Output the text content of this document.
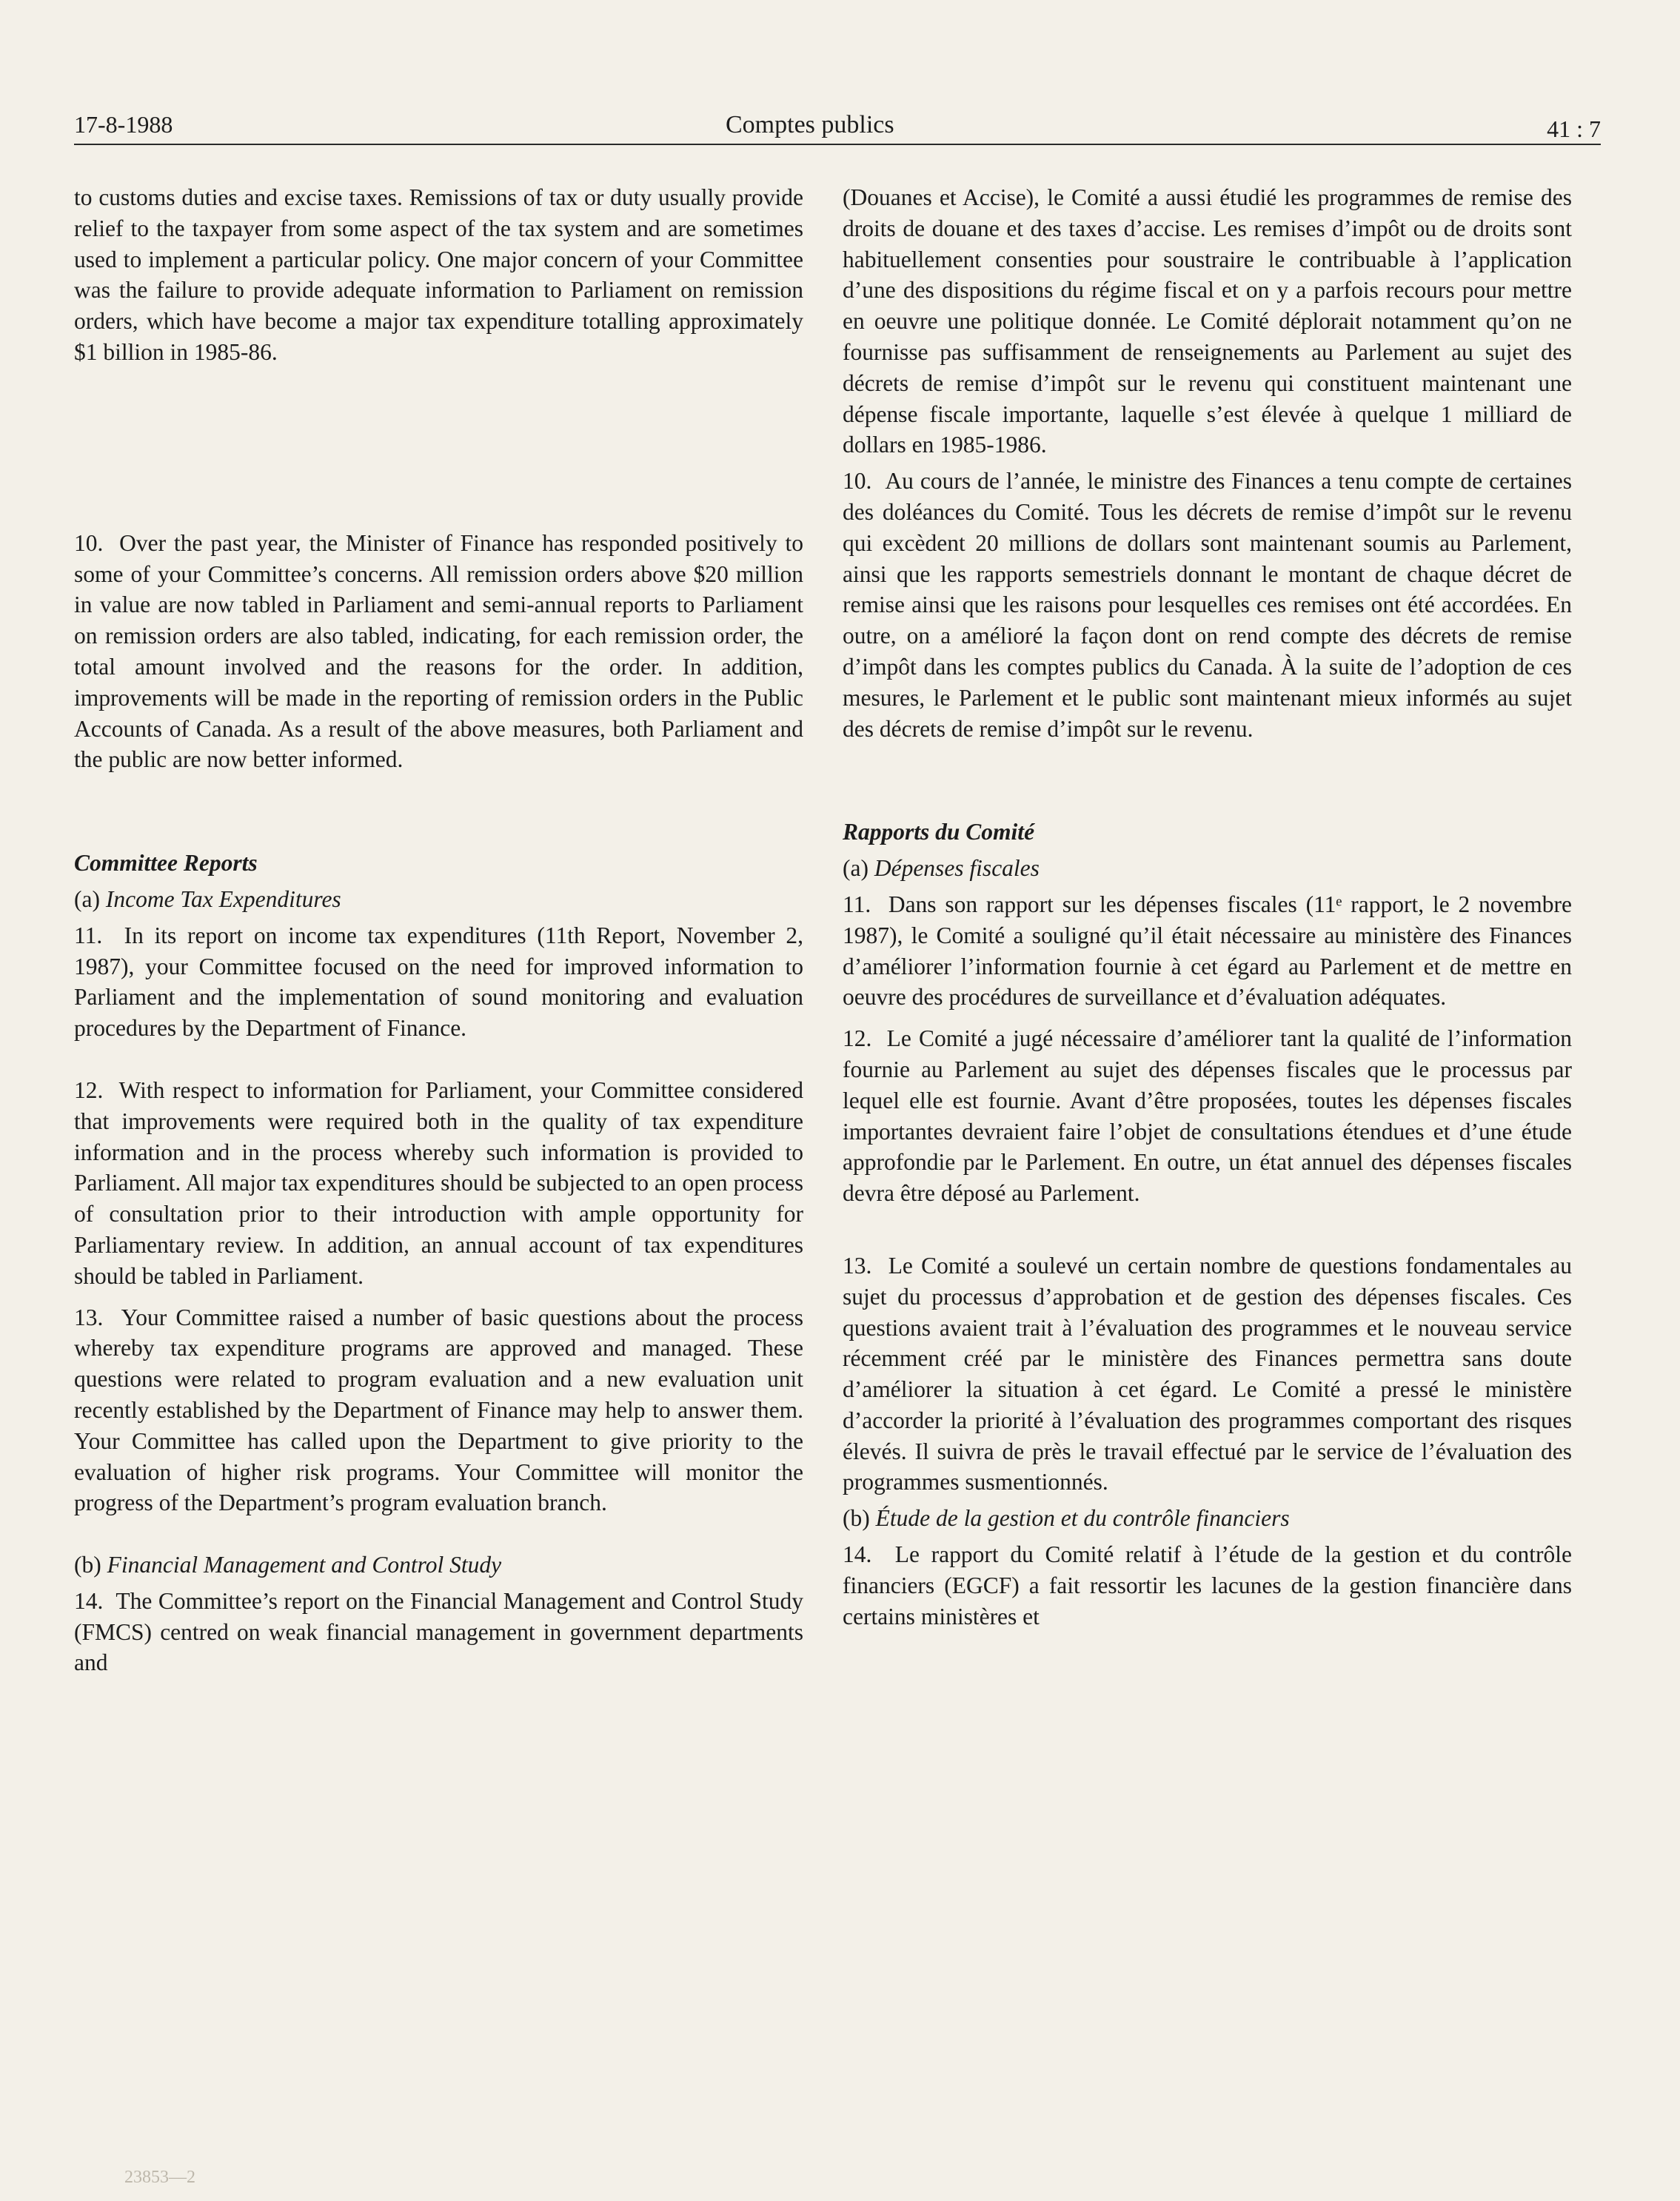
17-8-1988	Comptes publics	41 : 7

to customs duties and excise taxes. Remissions of tax or duty usually provide relief to the taxpayer from some aspect of the tax system and are sometimes used to implement a particular policy. One major concern of your Committee was the failure to provide adequate information to Parliament on remission orders, which have become a major tax expenditure totalling approximately $1 billion in 1985-86.

10.  Over the past year, the Minister of Finance has responded positively to some of your Committee’s concerns. All remission orders above $20 million in value are now tabled in Parliament and semi-annual reports to Parliament on remission orders are also tabled, indicating, for each remission order, the total amount involved and the reasons for the order. In addition, improvements will be made in the reporting of remission orders in the Public Accounts of Canada. As a result of the above measures, both Parliament and the public are now better informed.

Committee Reports
(a) Income Tax Expenditures

11.  In its report on income tax expenditures (11th Report, November 2, 1987), your Committee focused on the need for improved information to Parliament and the implementation of sound monitoring and evaluation procedures by the Department of Finance.

12.  With respect to information for Parliament, your Committee considered that improvements were required both in the quality of tax expenditure information and in the process whereby such information is provided to Parliament. All major tax expenditures should be subjected to an open process of consultation prior to their introduction with ample opportunity for Parliamentary review. In addition, an annual account of tax expenditures should be tabled in Parliament.

13.  Your Committee raised a number of basic questions about the process whereby tax expenditure programs are approved and managed. These questions were related to program evaluation and a new evaluation unit recently established by the Department of Finance may help to answer them. Your Committee has called upon the Department to give priority to the evaluation of higher risk programs. Your Committee will monitor the progress of the Department’s program evaluation branch.

(b) Financial Management and Control Study

14.  The Committee’s report on the Financial Management and Control Study (FMCS) centred on weak financial management in government departments and

(Douanes et Accise), le Comité a aussi étudié les programmes de remise des droits de douane et des taxes d’accise. Les remises d’impôt ou de droits sont habituellement consenties pour soustraire le contribuable à l’application d’une des dispositions du régime fiscal et on y a parfois recours pour mettre en oeuvre une politique donnée. Le Comité déplorait notamment qu’on ne fournisse pas suffisamment de renseignements au Parlement au sujet des décrets de remise d’impôt sur le revenu qui constituent maintenant une dépense fiscale importante, laquelle s’est élevée à quelque 1 milliard de dollars en 1985-1986.

10.  Au cours de l’année, le ministre des Finances a tenu compte de certaines des doléances du Comité. Tous les décrets de remise d’impôt sur le revenu qui excèdent 20 millions de dollars sont maintenant soumis au Parlement, ainsi que les rapports semestriels donnant le montant de chaque décret de remise ainsi que les raisons pour lesquelles ces remises ont été accordées. En outre, on a amélioré la façon dont on rend compte des décrets de remise d’impôt dans les comptes publics du Canada. À la suite de l’adoption de ces mesures, le Parlement et le public sont maintenant mieux informés au sujet des décrets de remise d’impôt sur le revenu.

Rapports du Comité
(a) Dépenses fiscales

11.  Dans son rapport sur les dépenses fiscales (11ᵉ rapport, le 2 novembre 1987), le Comité a souligné qu’il était nécessaire au ministère des Finances d’améliorer l’information fournie à cet égard au Parlement et de mettre en oeuvre des procédures de surveillance et d’évaluation adéquates.

12.  Le Comité a jugé nécessaire d’améliorer tant la qualité de l’information fournie au Parlement au sujet des dépenses fiscales que le processus par lequel elle est fournie. Avant d’être proposées, toutes les dépenses fiscales importantes devraient faire l’objet de consultations étendues et d’une étude approfondie par le Parlement. En outre, un état annuel des dépenses fiscales devra être déposé au Parlement.

13.  Le Comité a soulevé un certain nombre de questions fondamentales au sujet du processus d’approbation et de gestion des dépenses fiscales. Ces questions avaient trait à l’évaluation des programmes et le nouveau service récemment créé par le ministère des Finances permettra sans doute d’améliorer la situation à cet égard. Le Comité a pressé le ministère d’accorder la priorité à l’évaluation des programmes comportant des risques élevés. Il suivra de près le travail effectué par le service de l’évaluation des programmes susmentionnés.

(b) Étude de la gestion et du contrôle financiers

14.  Le rapport du Comité relatif à l’étude de la gestion et du contrôle financiers (EGCF) a fait ressortir les lacunes de la gestion financière dans certains ministères et

23853—2
